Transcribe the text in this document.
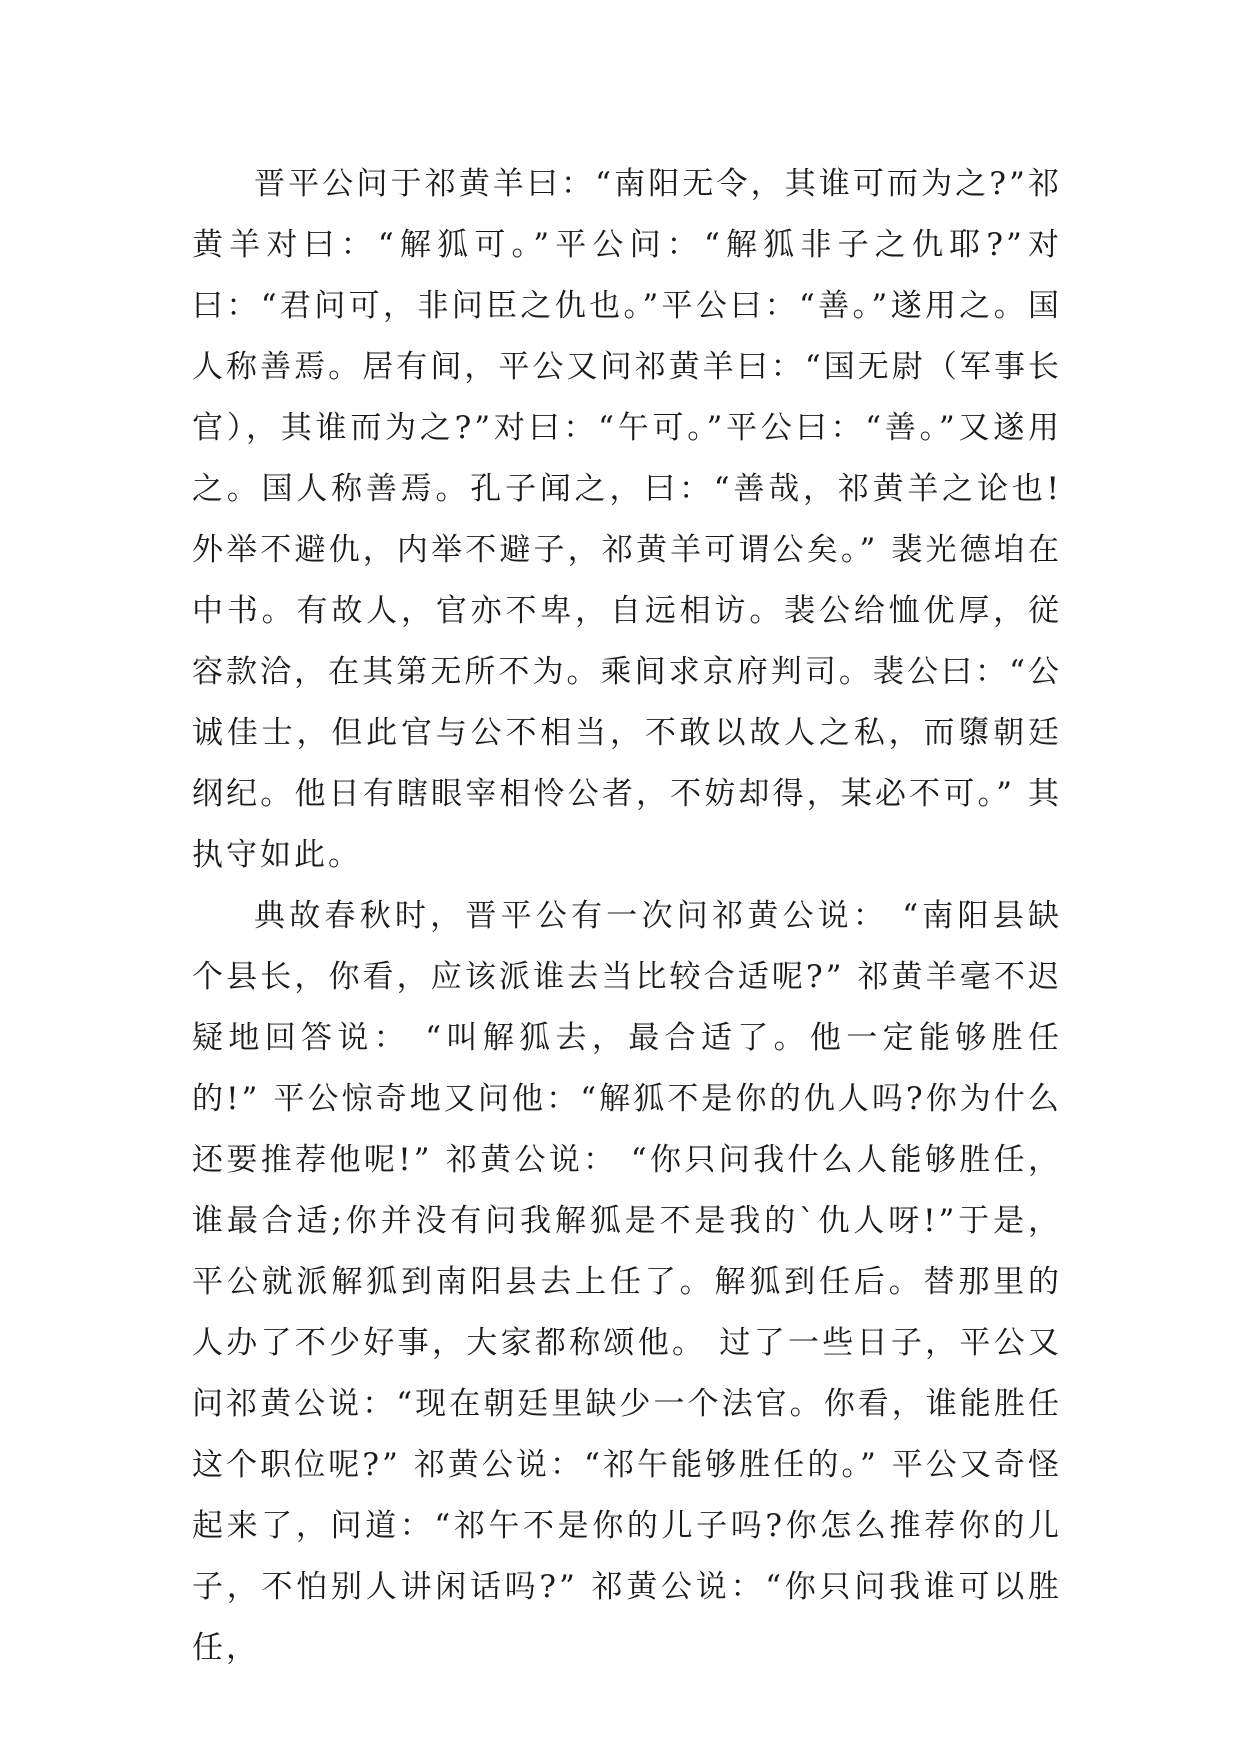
晋平公问于祁黄羊曰：“南阳无令，其谁可而为之?”祁黄羊对曰：“解狐可。”平公问：“解狐非子之仇耶?”对曰：“君问可，非问臣之仇也。”平公曰：“善。”遂用之。国人称善焉。居有间，平公又问祁黄羊曰：“国无尉（军事长官），其谁而为之?”对曰：“午可。”平公曰：“善。”又遂用之。国人称善焉。孔子闻之，曰：“善哉，祁黄羊之论也!外举不避仇，内举不避子，祁黄羊可谓公矣。” 裴光德垍在中书。有故人，官亦不卑，自远相访。裴公给恤优厚，従容款洽，在其第无所不为。乘间求京府判司。裴公曰：“公诚佳士，但此官与公不相当，不敢以故人之私，而隳朝廷纲纪。他日有瞎眼宰相怜公者，不妨却得，某必不可。” 其执守如此。

典故春秋时，晋平公有一次问祁黄公说： “南阳县缺个县长，你看，应该派谁去当比较合适呢?” 祁黄羊毫不迟疑地回答说： “叫解狐去，最合适了。他一定能够胜任的!” 平公惊奇地又问他：“解狐不是你的仇人吗?你为什么还要推荐他呢!” 祁黄公说： “你只问我什么人能够胜任，谁最合适;你并没有问我解狐是不是我的`仇人呀!”于是，平公就派解狐到南阳县去上任了。解狐到任后。替那里的人办了不少好事，大家都称颂他。 过了一些日子，平公又问祁黄公说：“现在朝廷里缺少一个法官。你看，谁能胜任这个职位呢?” 祁黄公说：“祁午能够胜任的。” 平公又奇怪起来了，问道：“祁午不是你的儿子吗?你怎么推荐你的儿子，不怕别人讲闲话吗?” 祁黄公说：“你只问我谁可以胜任，
